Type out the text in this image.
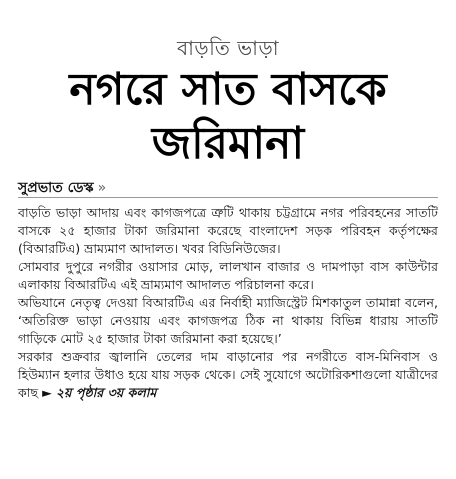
বাড়তি ভাড়া
নগরে সাত বাসকে
জরিমানা
সুপ্রভাত ডেস্ক »

বাড়তি ভাড়া আদায় এবং কাগজপত্রে ত্রুটি থাকায় চট্টগ্রামে নগর পরিবহনের সাতটি বাসকে ২৫ হাজার টাকা জরিমানা করেছে বাংলাদেশ সড়ক পরিবহন কর্তৃপক্ষের (বিআরটিএ) ভ্রাম্যমাণ আদালত। খবর বিডিনিউজের।

সোমবার দুপুরে নগরীর ওয়াসার মোড়, লালখান বাজার ও দামপাড়া বাস কাউন্টার এলাকায় বিআরটিএ এই ভ্রাম্যমাণ আদালত পরিচালনা করে।

অভিযানে নেতৃত্ব দেওয়া বিআরটিএ এর নির্বাহী ম্যাজিস্ট্রেট মিশকাতুল তামান্না বলেন, ‘অতিরিক্ত ভাড়া নেওয়ায় এবং কাগজপত্র ঠিক না থাকায় বিভিন্ন ধারায় সাতটি গাড়িকে মোট ২৫ হাজার টাকা জরিমানা করা হয়েছে।’

সরকার শুক্রবার জ্বালানি তেলের দাম বাড়ানোর পর নগরীতে বাস-মিনিবাস ও হিউম্যান হলার উধাও হয়ে যায় সড়ক থেকে। সেই সুযোগে অটোরিকশাগুলো যাত্রীদের কাছ ► ২য় পৃষ্ঠার ৩য় কলাম
